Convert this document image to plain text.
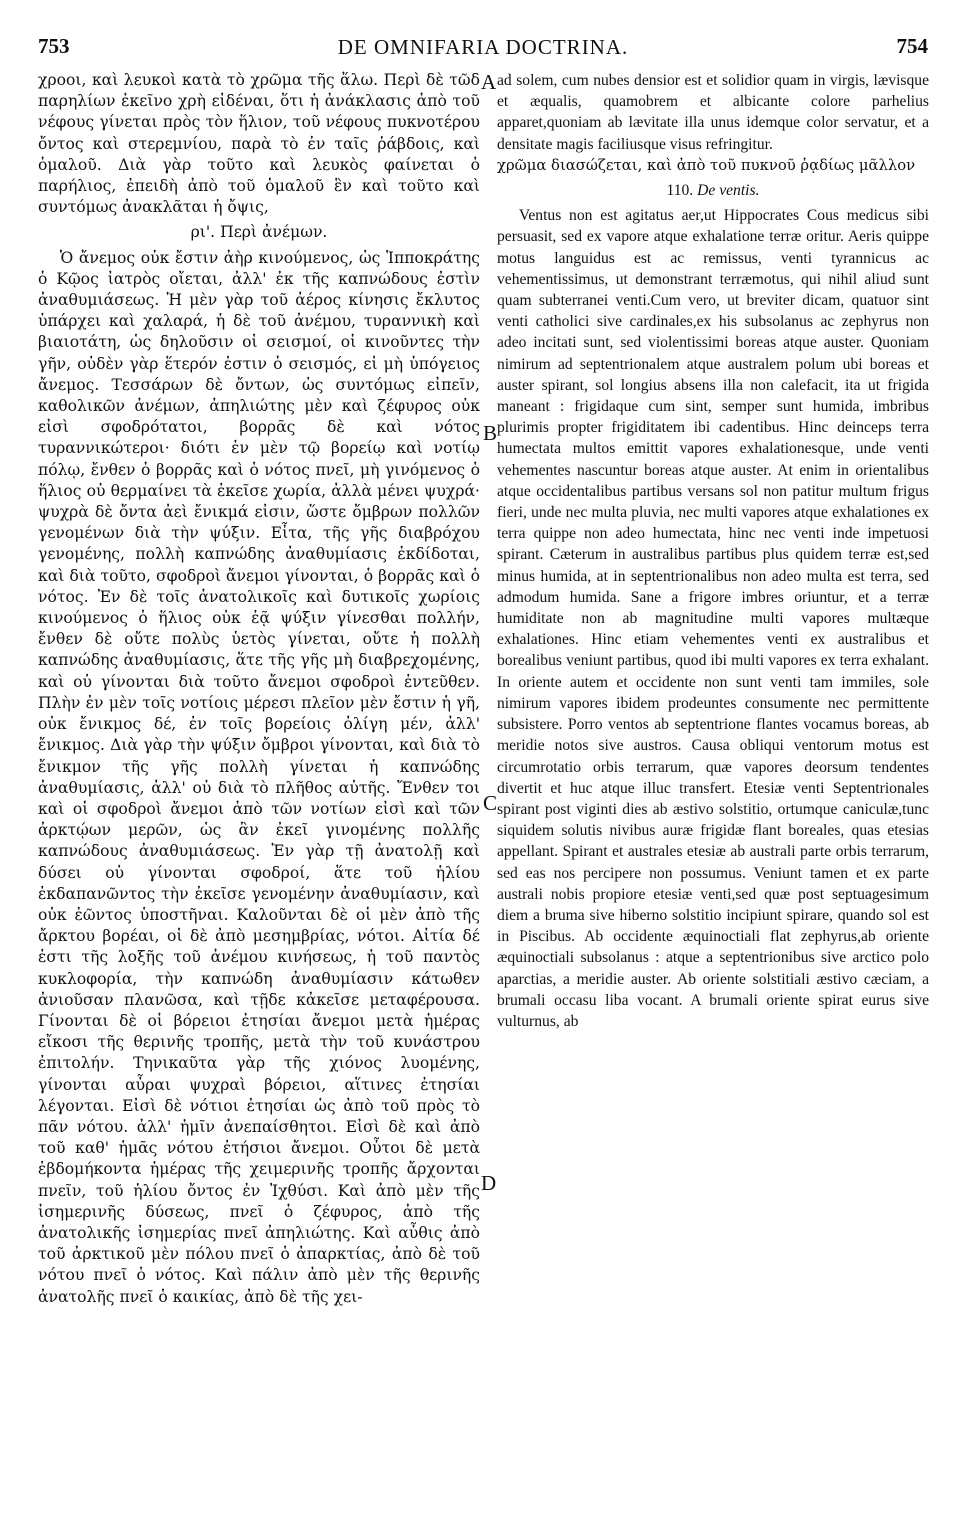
753	DE OMNIFARIA DOCTRINA.	754

χροοι, καὶ λευκοὶ κατὰ τὸ χρῶμα τῆς ἅλω. Περὶ δὲ τῶδ παρηλίων ἐκεῖνο χρὴ εἰδέναι, ὅτι ἡ ἀνάκλασις ἀπὸ τοῦ νέφους γίνεται πρὸς τὸν ἥλιον, τοῦ νέφους πυκνοτέρου ὄντος καὶ στερεμνίου, παρὰ τὸ ἐν ταῖς ῥάβδοις, καὶ ὁμαλοῦ. Διὰ γὰρ τοῦτο καὶ λευκὸς φαίνεται ὁ παρήλιος, ἐπειδὴ ἀπὸ τοῦ ὁμαλοῦ ἓν καὶ τοῦτο καὶ συντόμως ἀνακλᾶται ἡ ὄψις,

ρι'. Περὶ ἀνέμων.

Ὁ ἄνεμος οὐκ ἔστιν ἀὴρ κινούμενος, ὡς Ἱπποκράτης ὁ Κῷος ἰατρὸς οἴεται, ἀλλ' ἐκ τῆς καπνώδους ἐστὶν ἀναθυμιάσεως. Ἡ μὲν γὰρ τοῦ ἀέρος κίνησις ἔκλυτος ὑπάρχει καὶ χαλαρά, ἡ δὲ τοῦ ἀνέμου, τυραννικὴ καὶ βιαιοτάτη, ὡς δηλοῦσιν οἱ σεισμοί, οἱ κινοῦντες τὴν γῆν, οὐδὲν γὰρ ἕτερόν ἐστιν ὁ σεισμός, εἰ μὴ ὑπόγειος ἄνεμος. Τεσσάρων δὲ ὄντων, ὡς συντόμως εἰπεῖν, καθολικῶν ἀνέμων, ἀπηλιώτης μὲν καὶ ζέφυρος οὐκ εἰσὶ σφοδρότατοι, βορρᾶς δὲ καὶ νότος τυραννικώτεροι· διότι ἐν μὲν τῷ βορείῳ καὶ νοτίῳ πόλῳ, ἔνθεν ὁ βορρᾶς καὶ ὁ νότος πνεῖ, μὴ γινόμενος ὁ ἥλιος οὐ θερμαίνει τὰ ἐκεῖσε χωρία, ἀλλὰ μένει ψυχρά· ψυχρὰ δὲ ὄντα ἀεὶ ἔνικμά εἰσιν, ὥστε ὄμβρων πολλῶν γενομένων διὰ τὴν ψύξιν. Εἶτα, τῆς γῆς διαβρόχου γενομένης, πολλὴ καπνώδης ἀναθυμίασις ἐκδίδοται, καὶ διὰ τοῦτο, σφοδροὶ ἄνεμοι γίνονται, ὁ βορρᾶς καὶ ὁ νότος. Ἐν δὲ τοῖς ἀνατολικοῖς καὶ δυτικοῖς χωρίοις κινούμενος ὁ ἥλιος οὐκ ἐᾷ ψύξιν γίνεσθαι πολλήν, ἔνθεν δὲ οὔτε πολὺς ὑετὸς γίνεται, οὔτε ἡ πολλὴ καπνώδης ἀναθυμίασις, ἅτε τῆς γῆς μὴ διαβρεχομένης, καὶ οὐ γίνονται διὰ τοῦτο ἄνεμοι σφοδροὶ ἐντεῦθεν. Πλὴν ἐν μὲν τοῖς νοτίοις μέρεσι πλεῖον μὲν ἔστιν ἡ γῆ, οὐκ ἔνικμος δέ, ἐν τοῖς βορείοις ὀλίγη μέν, ἀλλ' ἔνικμος. Διὰ γὰρ τὴν ψύξιν ὄμβροι γίνονται, καὶ διὰ τὸ ἔνικμον τῆς γῆς πολλὴ γίνεται ἡ καπνώδης ἀναθυμίασις, ἀλλ' οὐ διὰ τὸ πλῆθος αὐτῆς. Ἔνθεν τοι καὶ οἱ σφοδροὶ ἄνεμοι ἀπὸ τῶν νοτίων εἰσὶ καὶ τῶν ἀρκτῴων μερῶν, ὡς ἂν ἐκεῖ γινομένης πολλῆς καπνώδους ἀναθυμιάσεως. Ἐν γὰρ τῇ ἀνατολῇ καὶ δύσει οὐ γίνονται σφοδροί, ἅτε τοῦ ἡλίου ἐκδαπανῶντος τὴν ἐκεῖσε γενομένην ἀναθυμίασιν, καὶ οὐκ ἐῶντος ὑποστῆναι. Καλοῦνται δὲ οἱ μὲν ἀπὸ τῆς ἄρκτου βορέαι, οἱ δὲ ἀπὸ μεσημβρίας, νότοι. Αἰτία δέ ἐστι τῆς λοξῆς τοῦ ἀνέμου κινήσεως, ἡ τοῦ παντὸς κυκλοφορία, τὴν καπνώδη ἀναθυμίασιν κάτωθεν ἀνιοῦσαν πλανῶσα, καὶ τῇδε κἀκεῖσε μεταφέρουσα. Γίνονται δὲ οἱ βόρειοι ἐτησίαι ἄνεμοι μετὰ ἡμέρας εἴκοσι τῆς θερινῆς τροπῆς, μετὰ τὴν τοῦ κυνάστρου ἐπιτολήν. Τηνικαῦτα γὰρ τῆς χιόνος λυομένης, γίνονται αὖραι ψυχραὶ βόρειοι, αἵτινες ἐτησίαι λέγονται. Εἰσὶ δὲ νότιοι ἐτησίαι ὡς ἀπὸ τοῦ πρὸς τὸ πᾶν νότου. ἀλλ' ἡμῖν ἀνεπαίσθητοι. Εἰσὶ δὲ καὶ ἀπὸ τοῦ καθ' ἡμᾶς νότου ἐτήσιοι ἄνεμοι. Οὗτοι δὲ μετὰ ἑβδομήκοντα ἡμέρας τῆς χειμερινῆς τροπῆς ἄρχονται πνεῖν, τοῦ ἡλίου ὄντος ἐν Ἰχθύσι. Καὶ ἀπὸ μὲν τῆς ἰσημερινῆς δύσεως, πνεῖ ὁ ζέφυρος, ἀπὸ τῆς ἀνατολικῆς ἰσημερίας πνεῖ ἀπηλιώτης. Καὶ αὖθις ἀπὸ τοῦ ἀρκτικοῦ μὲν πόλου πνεῖ ὁ ἀπαρκτίας, ἀπὸ δὲ τοῦ νότου πνεῖ ὁ νότος. Καὶ πάλιν ἀπὸ μὲν τῆς θερινῆς ἀνατολῆς πνεῖ ὁ καικίας, ἀπὸ δὲ τῆς χει-

ad solem, cum nubes densior est et solidior quam in virgis, lævisque et æqualis, quamobrem et albicante colore parhelius apparet,quoniam ab lævitate illa unus idemque color servatur, et a densitate magis faciliusque visus refringitur.

χρῶμα διασώζεται, καὶ ἀπὸ τοῦ πυκνοῦ ῥᾳδίως μᾶλλον

110. De ventis.

Ventus non est agitatus aer,ut Hippocrates Cous medicus sibi persuasit, sed ex vapore atque exhalatione terræ oritur. Aeris quippe motus languidus est ac remissus, venti tyrannicus ac vehementissimus, ut demonstrant terræmotus, qui nihil aliud sunt quam subterranei venti.Cum vero, ut breviter dicam, quatuor sint venti catholici sive cardinales,ex his subsolanus ac zephyrus non adeo incitati sunt, sed violentissimi boreas atque auster. Quoniam nimirum ad septentrionalem atque australem polum ubi boreas et auster spirant, sol longius absens illa non calefacit, ita ut frigida maneant : frigidaque cum sint, semper sunt humida, imbribus plurimis propter frigiditatem ibi cadentibus. Hinc deinceps terra humectata multos emittit vapores exhalationesque, unde venti vehementes nascuntur boreas atque auster. At enim in orientalibus atque occidentalibus partibus versans sol non patitur multum frigus fieri, unde nec multa pluvia, nec multi vapores atque exhalationes ex terra quippe non adeo humectata, hinc nec venti inde impetuosi spirant. Cæterum in australibus partibus plus quidem terræ est,sed minus humida, at in septentrionalibus non adeo multa est terra, sed admodum humida. Sane a frigore imbres oriuntur, et a terræ humiditate non ab magnitudine multi vapores multæque exhalationes. Hinc etiam vehementes venti ex australibus et borealibus veniunt partibus, quod ibi multi vapores ex terra exhalant. In oriente autem et occidente non sunt venti tam immiles, sole nimirum vapores ibidem prodeuntes consumente nec permittente subsistere. Porro ventos ab septentrione flantes vocamus boreas, ab meridie notos sive austros. Causa obliqui ventorum motus est circumrotatio orbis terrarum, quæ vapores deorsum tendentes divertit et huc atque illuc transfert. Etesiæ venti Septentrionales spirant post viginti dies ab æstivo solstitio, ortumque caniculæ,tunc siquidem solutis nivibus auræ frigidæ flant boreales, quas etesias appellant. Spirant et australes etesiæ ab australi parte orbis terrarum, sed eas nos percipere non possumus. Veniunt tamen et ex parte australi nobis propiore etesiæ venti,sed quæ post septuagesimum diem a bruma sive hiberno solstitio incipiunt spirare, quando sol est in Piscibus. Ab occidente æquinoctiali flat zephyrus,ab oriente æquinoctiali subsolanus : atque a septentrionibus sive arctico polo aparctias, a meridie auster. Ab oriente solstitiali æstivo cæciam, a brumali occasu liba vocant. A brumali oriente spirat eurus sive vulturnus, ab

A
B
C
D
